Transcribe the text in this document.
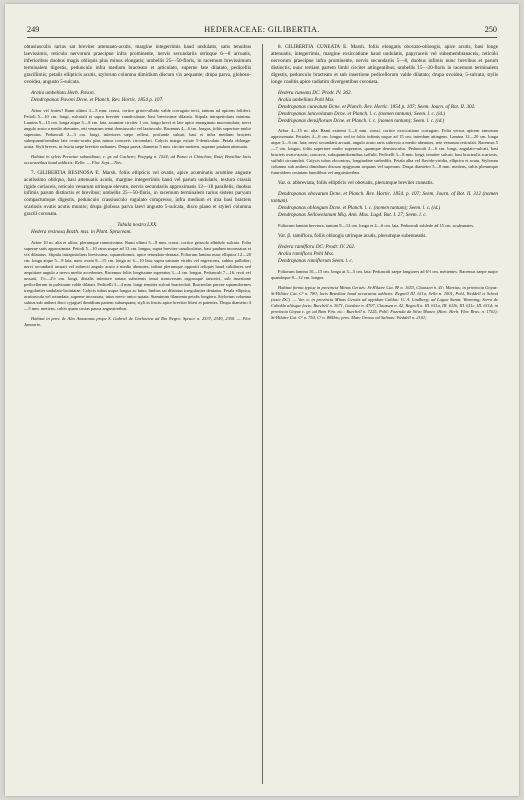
249	HEDERACEAE: GILIBERTIA.	250

obtusiusculis rarius sat breviter attenuato-acutis, margine integerrimis haud undulatis, satis tenuibus laevissimis, reticulo nervorum praecipue infra prominente, nervis secundariis utrinque 6—8 arcuatis, inferioribus duobus magis obliquis plus minus elongatis; umbellis 25—50-floris, in racemum brevissimum terminalem digestis, pedunculo infra medium bracteato et articulato, superne late dilatato, pedicellis gracillimis; petalis ellipticis acutis, stylorum columna dimidium discum vix aequante; drupa parva, globoso-ovoidea, angusto 5-sulcata.

Aralia umbellata Herb. Pavon.

Dendropanax Pavoni Dcne. et Planch. Rev. Hortic. 1854 p. 107.

Arbor vel frutex? Rami ultimi 3—5 mm. crassi, cortice griseo-albido valde corrugato tecti, tantum ad apicem foliiferi. Petioli 5—10 cm. longi, sulcatuli et supra breviter canaliculatae, basi brevissime dilatata. Stipula intrapetiolaris minima. Lamina 9—15 cm. longa atque 5—8 cm. lata, acumine circiter 1 cm. longo brevi et late apice emarginato mucronulato; nervi angulo acuto a medio abeuntes, reti venarum tenui densiusculo vel laxiusculo. Racemus 4—6 cm. longus, foliis superiore multo superatus. Pedunculi 2—3 cm. longi, inferiores sæpe reflexi, profunde sulcati, basi et infra medium bracteis subequamiformibus late ovato-acutis plus minus concavis circumdati. Calycis margo exiuie 5-denticulato. Petala oblonga-acuta. Styli breves, in fructu sæpe breviter radiantes. Drupa parva, diametro 3 mm. circiter metiens, superne paulum attenuata.

Habitat in sylvis Peruviae subandinae, c. gr. ad Cuchero; Poeppig n. 1524; ad Pozuo et Chinchao; Ruiz; Brasiliae locis occurantibus haud addictis: Kello. — Flor. Sept.—Nov.

7. GILIBERTIA RESINOSA E. Marsh. foliis ellipticis vel ovatis, apice acuminatis acumine anguste acutissimo obliquo, basi attenuatis acutis, margine integerrimis haud vel parum undulatis, textura crassis rigide coriaceis, reticulo venarum utrinque elevato, nervis secundariis approximatis 12—18 parallelis, duobus infimis parum distinctis et brevibus; umbellis 25—50-floris, in racemum terminalem rarius sistens parvum compactumque digestis, pedunculo crassiusculo rugulato compresso, infra medium et ima basi bracteis scariosis ovatis acutis munito; drupa globosa parva laevi angusto 5-sulcata, disco plano et styleri columna gracili coronata.

Tabula nostra LXX.

Hedera resinosa Bozth. mss. in Plant. Spruceam.

Arbor 10 m. alta et altior, plerumque ramosissima. Rami ultimi 3—8 mm. crassi, cortice griseolo albidulo sulcato. Folia superne satis approximata. Petioli 5—10 raras usque ad 13 cm. longus, supra breviter canaliculatus, basi paulum incrassatus et vix dilatatus. Stipula intrapetiolaris brevissima, squamiformis, apice retundato-dentata. Foliorum lamina nunc elliptica 12—20 cm. longa atque 5—9 lata, nunc ovata 8—15 cm. longa ac 6—10 lata, supra saturate viridis vel nigrescens, subtus pallidior; nervi secundarii arcuati vel subrecti angulo acuto a medio abeuntes, infimi plerumque oppositi reliquis haud validiores sed aequitiare angulo a nervo medio accedentes. Racemus foliis longissime superatus 3—4 cm. longus. Pedunculi 7—16, recti vel arcuati, 1½—2½ cm. longi, distalis inferiore striata substernis tenui transversim rugosuque tarsorici, sub insertione pedicellorum in pulvinum valde dilatati. Pedicelli 3—4 mm. longi tenuiter sulcati bracteolati. Bracteolae parvae squamiformes irregulariter undulato-laciniatae. Calycis tubus usque longus ac latus; limbus sat dilatatus irregulariter dentatus. Petala elliptica, acutiuscula vel rotundata, superne incrassata, intus nervo unico notata. Staminum filamenta petalis longiora. Stylorum columna subtus sub antheri disci cyjaguel dimidium partem subaequans; styli in fructu apice breviter liberi et patentes. Drupa diametro 4—5 mm. metiens, calcis quam costas pauca angustioribus.

Habitat in prov. de Alto Amazonas prope S. Gabriel de Cachoeira ad Rio Negro: Spruce n. 2337, 2349, 2350. — Flor. Januario.

8. GILIBERTIA CUNEATA E. Marsh. foliis elongatis obovato-oblongis, apice acutis, basi longe attenuatis, integerrimis, margine exsiccatione haud undulatis, papyraceis vel subemembranaceis, reticulo nervorum praecipue infra prominente, nervis secundariis 5—8, duobus infimis nunc brevibus et parum distinctis, nunc tertiam partem limbi circiter attingentibus; umbellis 15—30-floris in racemum terminalem digestis, pedunculo bracteato et sub insertione pedicellorum valde dilatato; drupa ovoidea, 5-sulcata, stylis longe coalitis apice radiatim divergentibus coronata.

Hedera cuneata DC. Prodr. IV. 262.

Aralia umbellata Pohl Mss

Dendropanax cuneatum Dcne. et Planch. Rev. Hortic. 1854 p. 107; Seem. Journ. of Bot. II. 302.

Dendropanax lanceolatum Dcne. et Planch. l. c. (nomen tantum); Seem. l. c. (id.)

Dendropanax densiflorum Dcne. et Planch. l. c. (nomen tantum); Seem. l. c. (id.)

Arbor 4—15 m. alta. Rami extremi 3—6 mm. crassi, cortice exsiccatione corrugato. Folia versus apicem ramorum approximata. Petioles 4—6 cm. longus sed in foliis infimis usque ad 15 cm. interdum attingens. Lamina 12—20 cm. longa atque 3—6 cm. lata; nervi secundarii arcuati, angulo acuto raris subrecto a medio abeuntes, rete venarum reticulati. Racemus 5—7 cm. longus, foliis superiore multo superatus, quamque densiusculus. Pedunculi 2—6 cm. longi, angulato-sulcati, basi bracteis ovato-acutis, concavis, subsquamiformibus suffulti. Pedicelli 3—8 mm. longi, tenuiter sulcati, basi bracteolis scariosis, suffulti circumdati. Calycis tubus obconicus, longitudine surbedilis. Petala alba vel flavido-viridia, elliptica et acuta. Stylorum columna sub anthesi dimidium discum epigynum aequans vel superans. Drupa diametro 5—8 mm. metiens, saltis plerumque futuroidem costatam humilibus vel anguistioribus.

Var. α. abbreviata, foliis ellipticis vel obovatis, plerumque breviter cuneatis.

Dendropanax obovatum Dcne. et Planch. Rev. Hortic. 1854. p. 107; Seem. Journ. of Bot. II. 312 (nomen tantum).

Dendropanax oblongum Dcne. et Planch. l. c. (nomen tantum); Seem. l. c. (id.)

Dendropanax Selloweianum Miq. Ann. Mus. Lugd. Bat. I. 27; Seem. l. c.

Foliorum lamina breviora, tantum 9—12 cm. longa et 4—6 cm. lata. Pedunculi sublede ad 15 cm. aculeanates.

Var. β. ramiflora, foliis oblongis utrinque acutis, plerumque subenneatis.

Hedera ramiflora DC. Prodr. IV. 262.

Aralia ramiflora Pohl Mss.

Dendropanax ramiflorum Seem. l. c.

Foliorum lamina 10—15 cm. longa at 3—5 cm. lata. Pedunculi saepe longiores ad 6½ cm. metientes. Racemus saepe major quandoque 8—12 cm. longus.

Habitat forma typica in provincia Minas Geraës: St-Hilaire Cat. B¹ n. 1653, Claussen n. 41; Martius; in provincia Goyaz: St-Hilaire Cat. C¹ n. 780; locis Brasiliae haud accuratius addictis: Regnell III. 611a, Sello n. 1601, Pohl, Weddell et Schott (teste DC). — Var. α. in provincia Minas Geraës ad oppidum Caldas: G. A. Lindberg; ad Lagoa Santa: Warming; Serra de Caboklo aliisque locis: Burchell n. 3671, Gardner n. 4707, Claussen n. 42, Regnell n. III. 611a, III. 611b, III. 611c, III. 611d; in provincia Goyaz c. gr. ad Bom Fim. etc.: Burchell n. 7225, Pohl; Fazenda da Silva Maneo (Hart. Herb. Flor. Bras. n. 1761); St-Hilaire Cat. C¹ n. 754, C¹ n. 884bis; prov. Mato Grosso ad Salinas: Weddell n. 2101;
